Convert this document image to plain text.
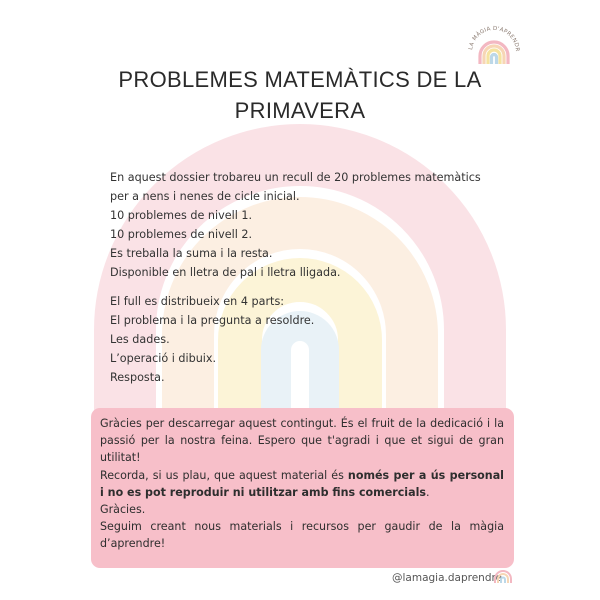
LA MÀGIA D'APRENDR
PROBLEMES MATEMÀTICS DE LA
PRIMAVERA
En aquest dossier trobareu un recull de 20 problemes matemàtics
per a nens i nenes de cicle inicial.
10 problemes de nivell 1.
10 problemes de nivell 2.
Es treballa la suma i la resta.
Disponible en lletra de pal i lletra lligada.
El full es distribueix en 4 parts:
El problema i la pregunta a resoldre.
Les dades.
L’operació i dibuix.
Resposta.

Gràcies per descarregar aquest contingut. És el fruit de la dedicació i la passió per la nostra feina. Espero que t'agradi i que et sigui de gran utilitat!

Recorda, si us plau, que aquest material és només per a ús personal i no es pot reproduir ni utilitzar amb fins comercials.

Gràcies.

Seguim creant nous materials i recursos per gaudir de la màgia d’aprendre!

@lamagia.daprendre
